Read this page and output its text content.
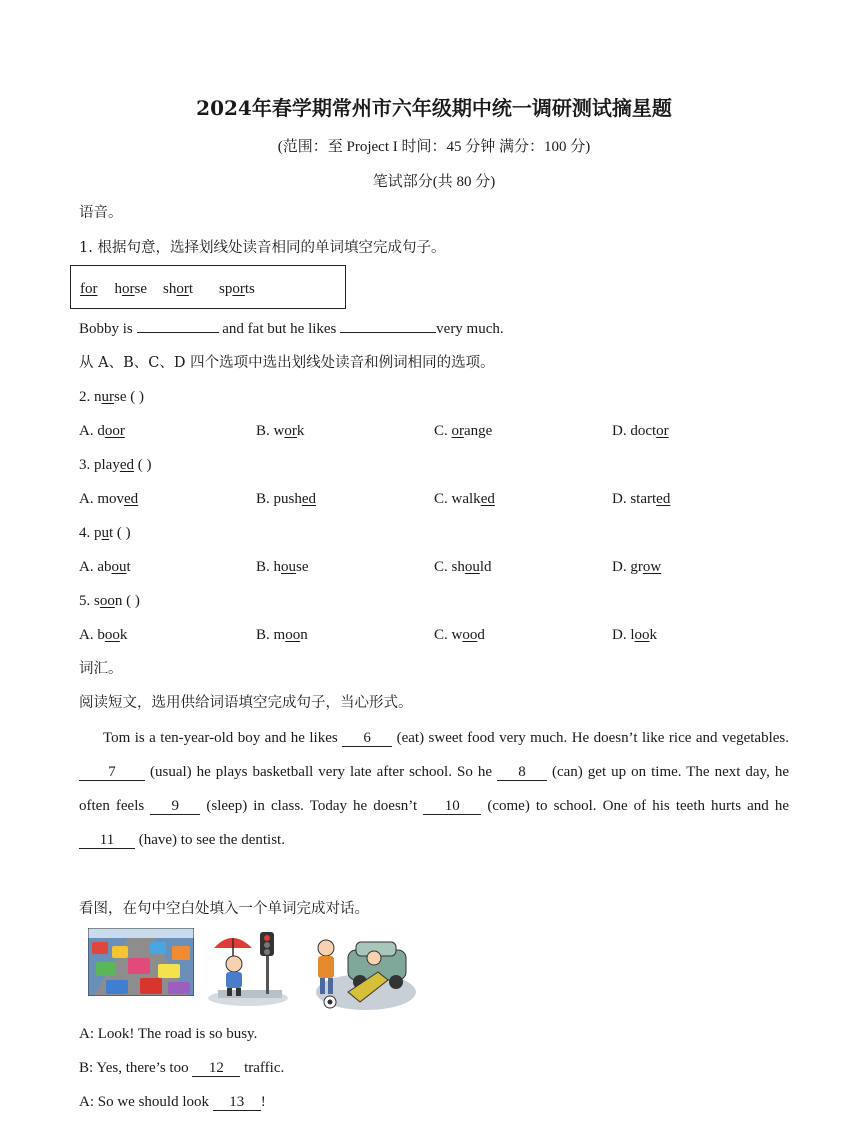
2024年春学期常州市六年级期中统一调研测试摘星题
(范围：至 Project I 时间：45 分钟 满分：100 分)
笔试部分(共 80 分)
语音。
1. 根据句意，选择划线处读音相同的单词填空完成句子。
for horse short sports
Bobby is	and fat but he likes	very much.
从 A、B、C、D 四个选项中选出划线处读音和例词相同的选项。
2. nurse ( )
A. door	B. work	C. orange	D. doctor
3. played ( )
A. moved	B. pushed	C. walked	D. started
4. put ( )
A. about	B. house	C. should	D. grow
5. soon ( )
A. book	B. moon	C. wood	D. look
词汇。
阅读短文，选用供给词语填空完成句子，当心形式。
Tom is a ten-year-old boy and he likes 6 (eat) sweet food very much. He doesn’t like rice and vegetables. 7 (usual) he plays basketball very late after school. So he 8 (can) get up on time. The next day, he often feels 9 (sleep) in class. Today he doesn’t 10 (come) to school. One of his teeth hurts and he 11 (have) to see the dentist.
看图，在句中空白处填入一个单词完成对话。
A: Look! The road is so busy.
B: Yes, there’s too 12 traffic.
A: So we should look 13 !
